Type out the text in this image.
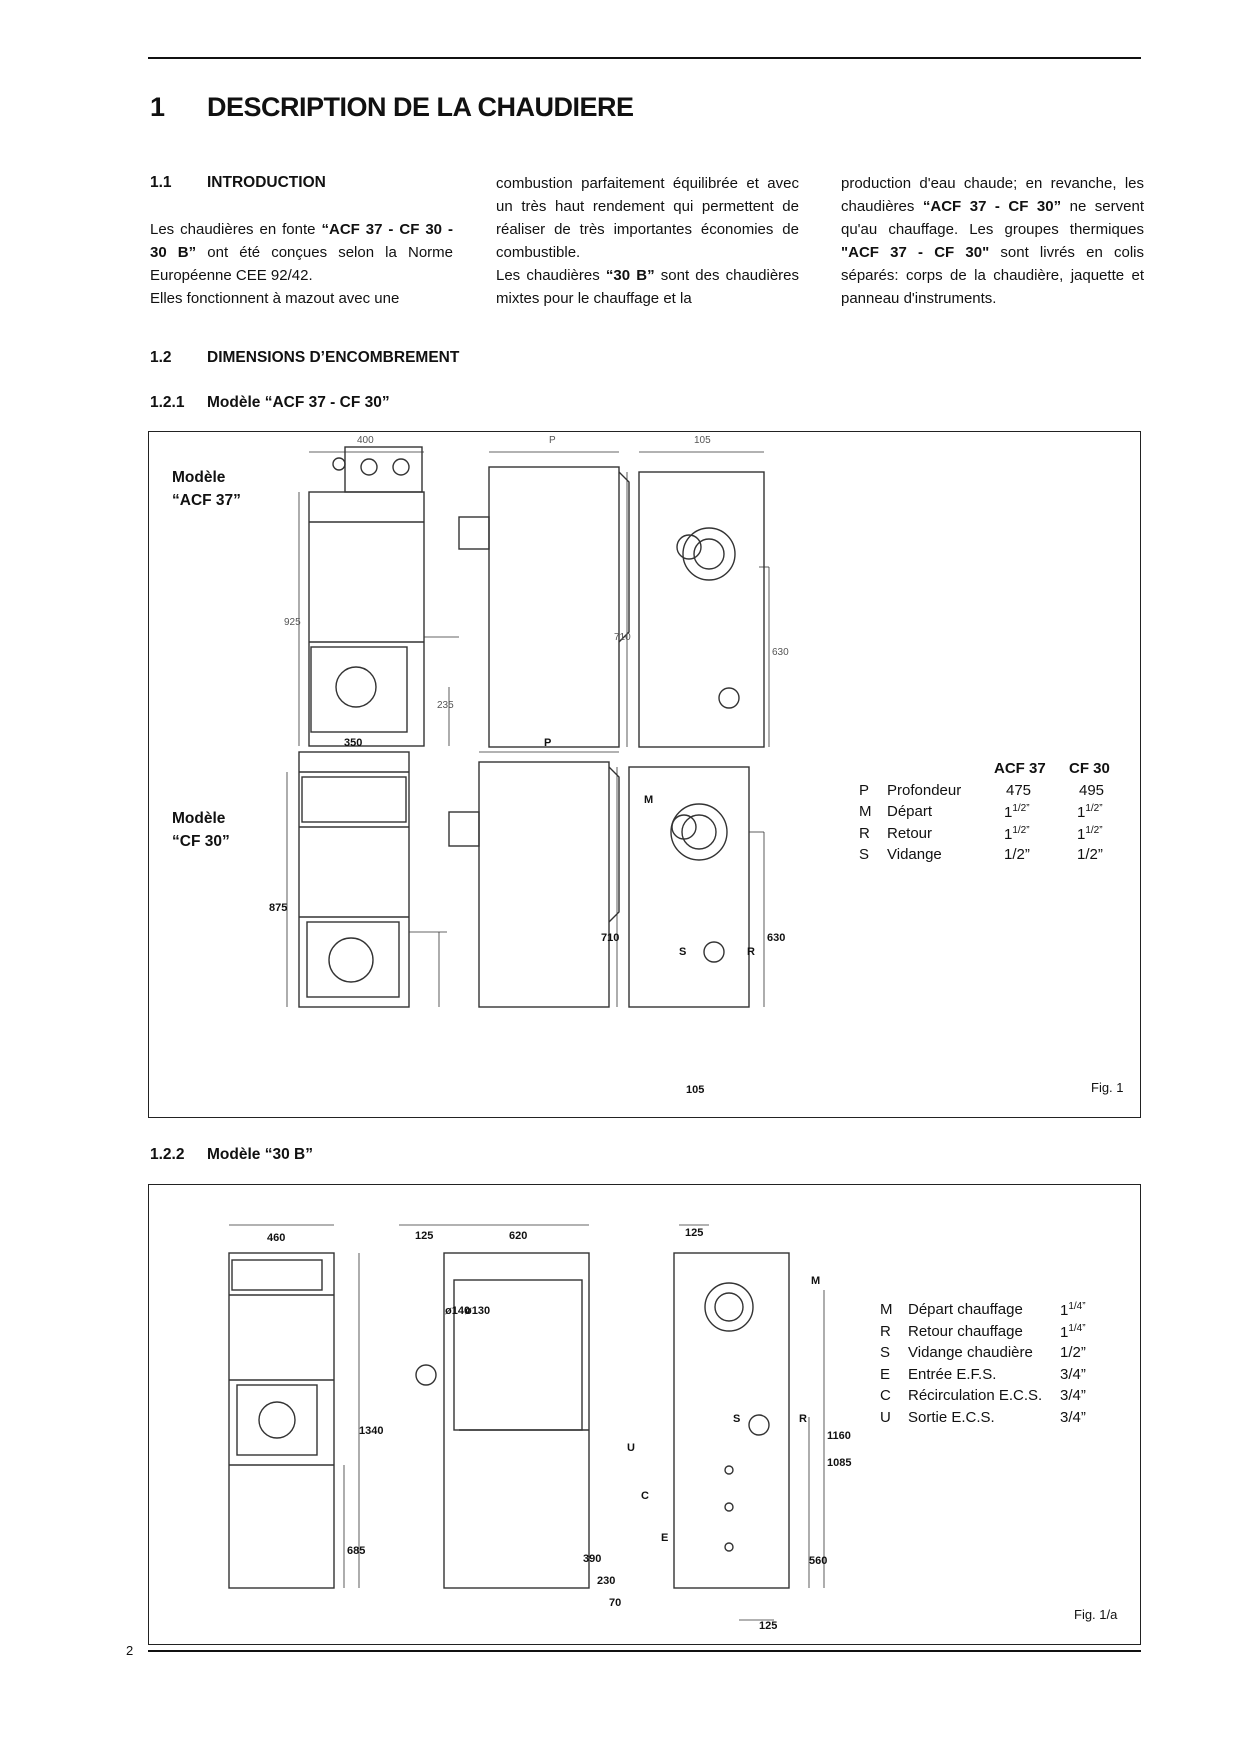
1 DESCRIPTION DE LA CHAUDIERE
1.1 INTRODUCTION

Les chaudières en fonte “ACF 37 - CF 30 - 30 B” ont été conçues selon la Norme Européenne CEE 92/42.

Elles fonctionnent à mazout avec une

combustion parfaitement équilibrée et avec un très haut rendement qui permettent de réaliser de très importantes économies de combustible.

Les chaudières “30 B” sont des chaudières mixtes pour le chauffage et la

production d'eau chaude; en revanche, les chaudières “ACF 37 - CF 30” ne servent qu'au chauffage. Les groupes thermiques "ACF 37 - CF 30" sont livrés en colis séparés: corps de la chaudière, jaquette et panneau d'instruments.

1.2 DIMENSIONS D’ENCOMBREMENT
1.2.1 Modèle “ACF 37 - CF 30”
Modèle
“ACF 37”
Modèle
“CF 30”
400	P	105
925
235
710
630
350	P
875
710	630
M
S	R
105
ACF 37 CF 30
P Profondeur	475	495
M Départ	$1^{1/2”}$	$1^{1/2”}$
R Retour	$1^{1/2”}$	$1^{1/2”}$
S Vidange	1/2”	1/2”
Fig. 1
1.2.2 Modèle “30 B”
460	125	620	125
1340
685
ø140
ø130
390
230
70
1085
1160
560
U
C
E
M
S	R
125
M Départ chauffage $1^{1/4”}$
R Retour chauffage $1^{1/4”}$
S Vidange chaudière 1/2”
E Entrée E.F.S.	3/4”
C Récirculation E.C.S. 3/4”
U Sortie E.C.S.	3/4”
Fig. 1/a
2
